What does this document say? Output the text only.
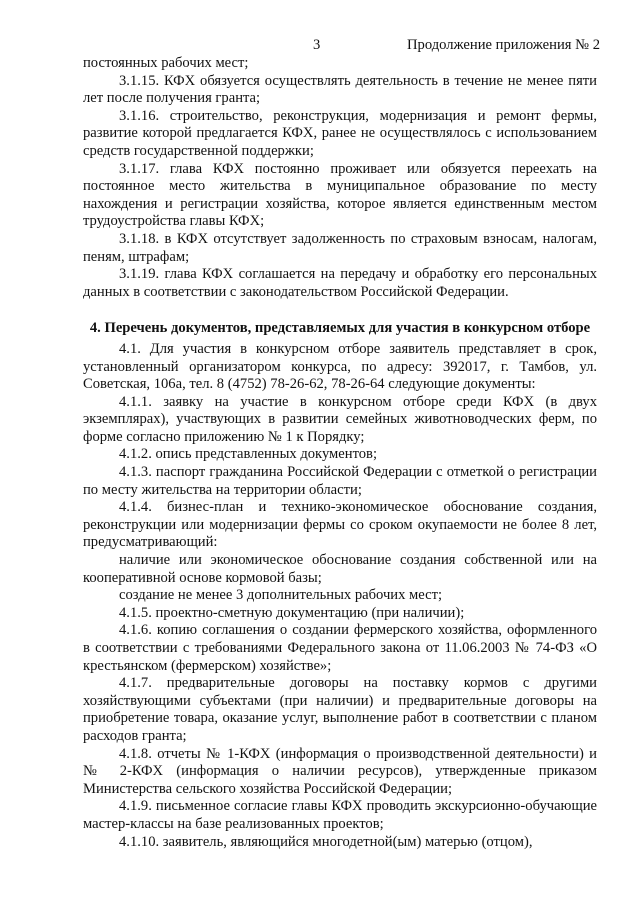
3	Продолжение приложения № 2

постоянных рабочих мест;

3.1.15. КФХ обязуется осуществлять деятельность в течение не менее пяти лет после получения гранта;

3.1.16. строительство, реконструкция, модернизация и ремонт фермы, развитие которой предлагается КФХ, ранее не осуществлялось с использованием средств государственной поддержки;

3.1.17. глава КФХ постоянно проживает или обязуется переехать на постоянное место жительства в муниципальное образование по месту нахождения и регистрации хозяйства, которое является единственным местом трудоустройства главы КФХ;

3.1.18. в КФХ отсутствует задолженность по страховым взносам, налогам, пеням, штрафам;

3.1.19. глава КФХ соглашается на передачу и обработку его персональных данных в соответствии с законодательством Российской Федерации.

4. Перечень документов, представляемых для участия в конкурсном отборе

4.1. Для участия в конкурсном отборе заявитель представляет в срок, установленный организатором конкурса, по адресу: 392017, г. Тамбов, ул. Советская, 106а, тел. 8 (4752) 78-26-62, 78-26-64 следующие документы:

4.1.1. заявку на участие в конкурсном отборе среди КФХ (в двух экземплярах), участвующих в развитии семейных животноводческих ферм, по форме согласно приложению № 1 к Порядку;

4.1.2. опись представленных документов;

4.1.3. паспорт гражданина Российской Федерации с отметкой о регистрации по месту жительства на территории области;

4.1.4. бизнес-план и технико-экономическое обоснование создания, реконструкции или модернизации фермы со сроком окупаемости не более 8 лет, предусматривающий:

наличие или экономическое обоснование создания собственной или на кооперативной основе кормовой базы;

создание не менее 3 дополнительных рабочих мест;

4.1.5. проектно-сметную документацию (при наличии);

4.1.6. копию соглашения о создании фермерского хозяйства, оформленного в соответствии с требованиями Федерального закона от 11.06.2003 № 74-ФЗ «О крестьянском (фермерском) хозяйстве»;

4.1.7. предварительные договоры на поставку кормов с другими хозяйствующими субъектами (при наличии) и предварительные договоры на приобретение товара, оказание услуг, выполнение работ в соответствии с планом расходов гранта;

4.1.8. отчеты № 1-КФХ (информация о производственной деятельности) и № 2-КФХ (информация о наличии ресурсов), утвержденные приказом Министерства сельского хозяйства Российской Федерации;

4.1.9. письменное согласие главы КФХ проводить экскурсионно-обучающие мастер-классы на базе реализованных проектов;

4.1.10. заявитель, являющийся многодетной(ым) матерью (отцом),
